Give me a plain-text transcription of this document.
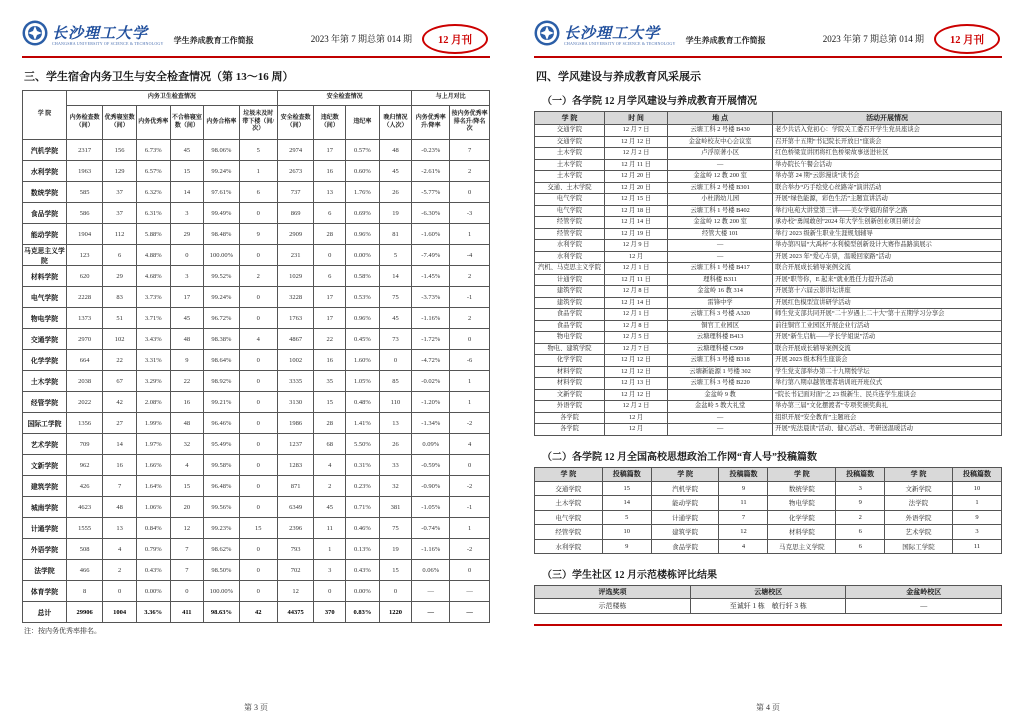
长沙理工大学
CHANGSHA UNIVERSITY OF SCIENCE & TECHNOLOGY 学生养成教育工作简报	2023 年第 7 期总第 014 期 12 月刊
三、学生宿舍内务卫生与安全检查情况（第 13～16 周）
学 院	内务卫生检查情况						安全检查情况				与上月对比	
	内务检查数（间）	优秀寝室数（间）	内务优秀率	不合格寝室数（间）	内务合格率	垃圾未及时带下楼（间/次）	安全检查数（间）	违纪数（间）	违纪率	晚归情况（人次）	内务优秀率升/降率	按内务优秀率排名升/降名次
汽机学院	2317	156	6.73%	45	98.06%	5	2974	17	0.57%	48	-0.23%	7
水利学院	1963	129	6.57%	15	99.24%	1	2673	16	0.60%	45	-2.61%	2
数统学院	585	37	6.32%	14	97.61%	6	737	13	1.76%	26	-5.77%	0
食品学院	586	37	6.31%	3	99.49%	0	869	6	0.69%	19	-6.30%	-3
能动学院	1904	112	5.88%	29	98.48%	9	2909	28	0.96%	81	-1.60%	1
马克思主义学院	123	6	4.88%	0	100.00%	0	231	0	0.00%	5	-7.49%	-4
材料学院	620	29	4.68%	3	99.52%	2	1029	6	0.58%	14	-1.45%	2
电气学院	2228	83	3.73%	17	99.24%	0	3228	17	0.53%	75	-3.73%	-1
物电学院	1373	51	3.71%	45	96.72%	0	1763	17	0.96%	45	-1.16%	2
交通学院	2970	102	3.43%	48	98.38%	4	4867	22	0.45%	73	-1.72%	0
化学学院	664	22	3.31%	9	98.64%	0	1002	16	1.60%	0	-4.72%	-6
土木学院	2038	67	3.29%	22	98.92%	0	3335	35	1.05%	85	-0.02%	1
经管学院	2022	42	2.08%	16	99.21%	0	3130	15	0.48%	110	-1.20%	1
国际工学院	1356	27	1.99%	48	96.46%	0	1986	28	1.41%	13	-1.34%	-2
艺术学院	709	14	1.97%	32	95.49%	0	1237	68	5.50%	26	0.09%	4
文新学院	962	16	1.66%	4	99.58%	0	1283	4	0.31%	33	-0.59%	0
建筑学院	426	7	1.64%	15	96.48%	0	871	2	0.23%	32	-0.90%	-2
城南学院	4623	48	1.06%	20	99.56%	0	6349	45	0.71%	381	-1.05%	-1
计通学院	1555	13	0.84%	12	99.23%	15	2396	11	0.46%	75	-0.74%	1
外语学院	508	4	0.79%	7	98.62%	0	793	1	0.13%	19	-1.16%	-2
法学院	466	2	0.43%	7	98.50%	0	702	3	0.43%	15	0.06%	0
体育学院	8	0	0.00%	0	100.00%	0	12	0	0.00%	0	—	—
总计	29906	1004	3.36%	411	98.63%	42	44375	370	0.83%	1220	—	—
注：按内务优秀率排名。
第 3 页
长沙理工大学
CHANGSHA UNIVERSITY OF SCIENCE & TECHNOLOGY 学生养成教育工作简报	2023 年第 7 期总第 014 期 12 月刊
四、学风建设与养成教育风采展示
（一）各学院 12 月学风建设与养成教育开展情况
学 院	时 间	地 点	活动开展情况
交通学院	12 月 7 日	云塘工科 2 号楼 B430	老少共话入党初心：学院关工委召开学生党员座谈会
交通学院	12 月 12 日	金盆岭校友中心会议室	召开第十五期“书记院长开放日”座谈会
土木学院	12 月 2 日	卢浮原著小区	红色桥梁宣讲团将红色桥梁故事送进社区
土木学院	12 月 11 日	—	举办院长午餐会活动
土木学院	12 月 20 日	金盆岭 12 教 200 室	举办第 24 期“云影漫谈”读书会
交通、土木学院	12 月 20 日	云塘工科 2 号楼 B301	联合举办“巧手绘党心丝路寄”演讲活动
电气学院	12 月 15 日	小杜鹃幼儿园	开展“绿色能源，彩色生活”主题宣讲活动
电气学院	12 月 18 日	云塘工科 1 号楼 B402	举行电苑大讲堂第三讲——美女学姐的留学之路
经管学院	12 月 14 日	金盆岭 12 教 200 室	承办校“勇闯敢创”2024 年大学生创新创业项目研讨会
经管学院	12 月 19 日	经管大楼 101	举行 2023 级新生职业生涯规划辅导
水利学院	12 月 9 日	—	举办第四届“大禹杯”水利模型创新设计大赛作品路演展示
水利学院	12 月	—	开展 2023 年“爱心车票，温暖回家路”活动
汽机、马克思主义学院	12 月 1 日	云塘工科 1 号楼 B417	联合开展成长辅导案例交流
计通学院	12 月 11 日	理科楼 B311	开展“职等你，E 起来”就业胜任力提升活动
建筑学院	12 月 8 日	金盆岭 16 教 314	开展第十六届云影讲坛讲座
建筑学院	12 月 14 日	雷锋中学	开展红色模型宣讲研学活动
食品学院	12 月 1 日	云塘工科 3 号楼 A320	师生党支部共同开展“二十岁遇上二十大”第十五期学习分享会
食品学院	12 月 8 日	铜官工业园区	前往铜官工业园区开展企业行活动
物电学院	12 月 5 日	云塘理科楼 B413	开展“新生启航——学长学姐说”活动
物电、建筑学院	12 月 7 日	云塘理科楼 C509	联合开展成长辅导案例交流
化学学院	12 月 12 日	云塘工科 3 号楼 B318	开展 2023 级本科生座谈会
材料学院	12 月 12 日	云塘新能源 1 号楼 302	学生党支部举办第二十九期悦学坛
材料学院	12 月 13 日	云塘工科 3 号楼 B220	举行第八期卓越管理者培训班开班仪式
文新学院	12 月 12 日	金盆岭 9 教	“院长书记面对面”之 23 级新生、民兵连学生座谈会
外语学院	12 月 2 日	金盆岭 5 教大礼堂	举办第三届“文化摆渡者”专项奖颁奖典礼
各学院	12 月	—	组织开展“安全教育”主题班会
各学院	12 月	—	开展“宪法晨读”活动、健心活动、考研送温暖活动
（二）各学院 12 月全国高校思想政治工作网“育人号”投稿篇数
学 院	投稿篇数	学 院	投稿篇数	学 院	投稿篇数	学 院	投稿篇数
交通学院	15	汽机学院	9	数统学院	3	文新学院	10
土木学院	14	能动学院	11	物电学院	9	法学院	1
电气学院	5	计通学院	7	化学学院	2	外语学院	9
经管学院	10	建筑学院	12	材料学院	6	艺术学院	3
水利学院	9	食品学院	4	马克思主义学院	6	国际工学院	11
（三）学生社区 12 月示范楼栋评比结果
评选奖项	云塘校区	金盆岭校区
示范楼栋	至诚轩 1 栋　敏行轩 3 栋	—
第 4 页
